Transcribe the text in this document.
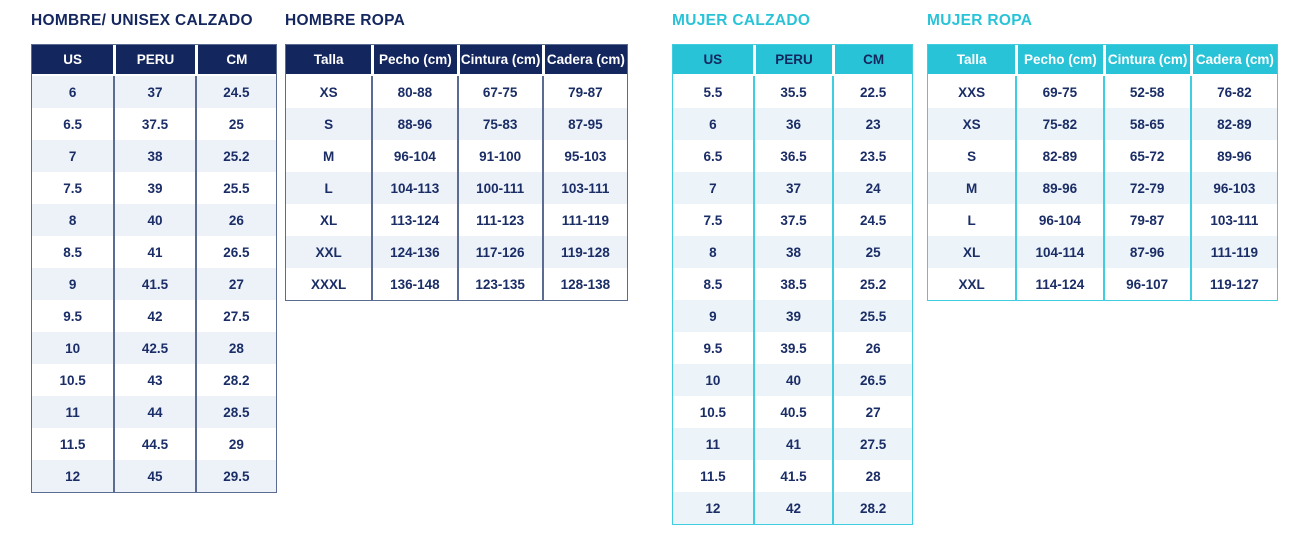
HOMBRE/ UNISEX CALZADO
US	PERU	CM
6	37	24.5
6.5	37.5	25
7	38	25.2
7.5	39	25.5
8	40	26
8.5	41	26.5
9	41.5	27
9.5	42	27.5
10	42.5	28
10.5	43	28.2
11	44	28.5
11.5	44.5	29
12	45	29.5
HOMBRE ROPA
Talla	Pecho (cm)	Cintura (cm)	Cadera (cm)
XS	80-88	67-75	79-87
S	88-96	75-83	87-95
M	96-104	91-100	95-103
L	104-113	100-111	103-111
XL	113-124	111-123	111-119
XXL	124-136	117-126	119-128
XXXL	136-148	123-135	128-138
MUJER CALZADO
US	PERU	CM
5.5	35.5	22.5
6	36	23
6.5	36.5	23.5
7	37	24
7.5	37.5	24.5
8	38	25
8.5	38.5	25.2
9	39	25.5
9.5	39.5	26
10	40	26.5
10.5	40.5	27
11	41	27.5
11.5	41.5	28
12	42	28.2
MUJER ROPA
Talla	Pecho (cm)	Cintura (cm)	Cadera (cm)
XXS	69-75	52-58	76-82
XS	75-82	58-65	82-89
S	82-89	65-72	89-96
M	89-96	72-79	96-103
L	96-104	79-87	103-111
XL	104-114	87-96	111-119
XXL	114-124	96-107	119-127
